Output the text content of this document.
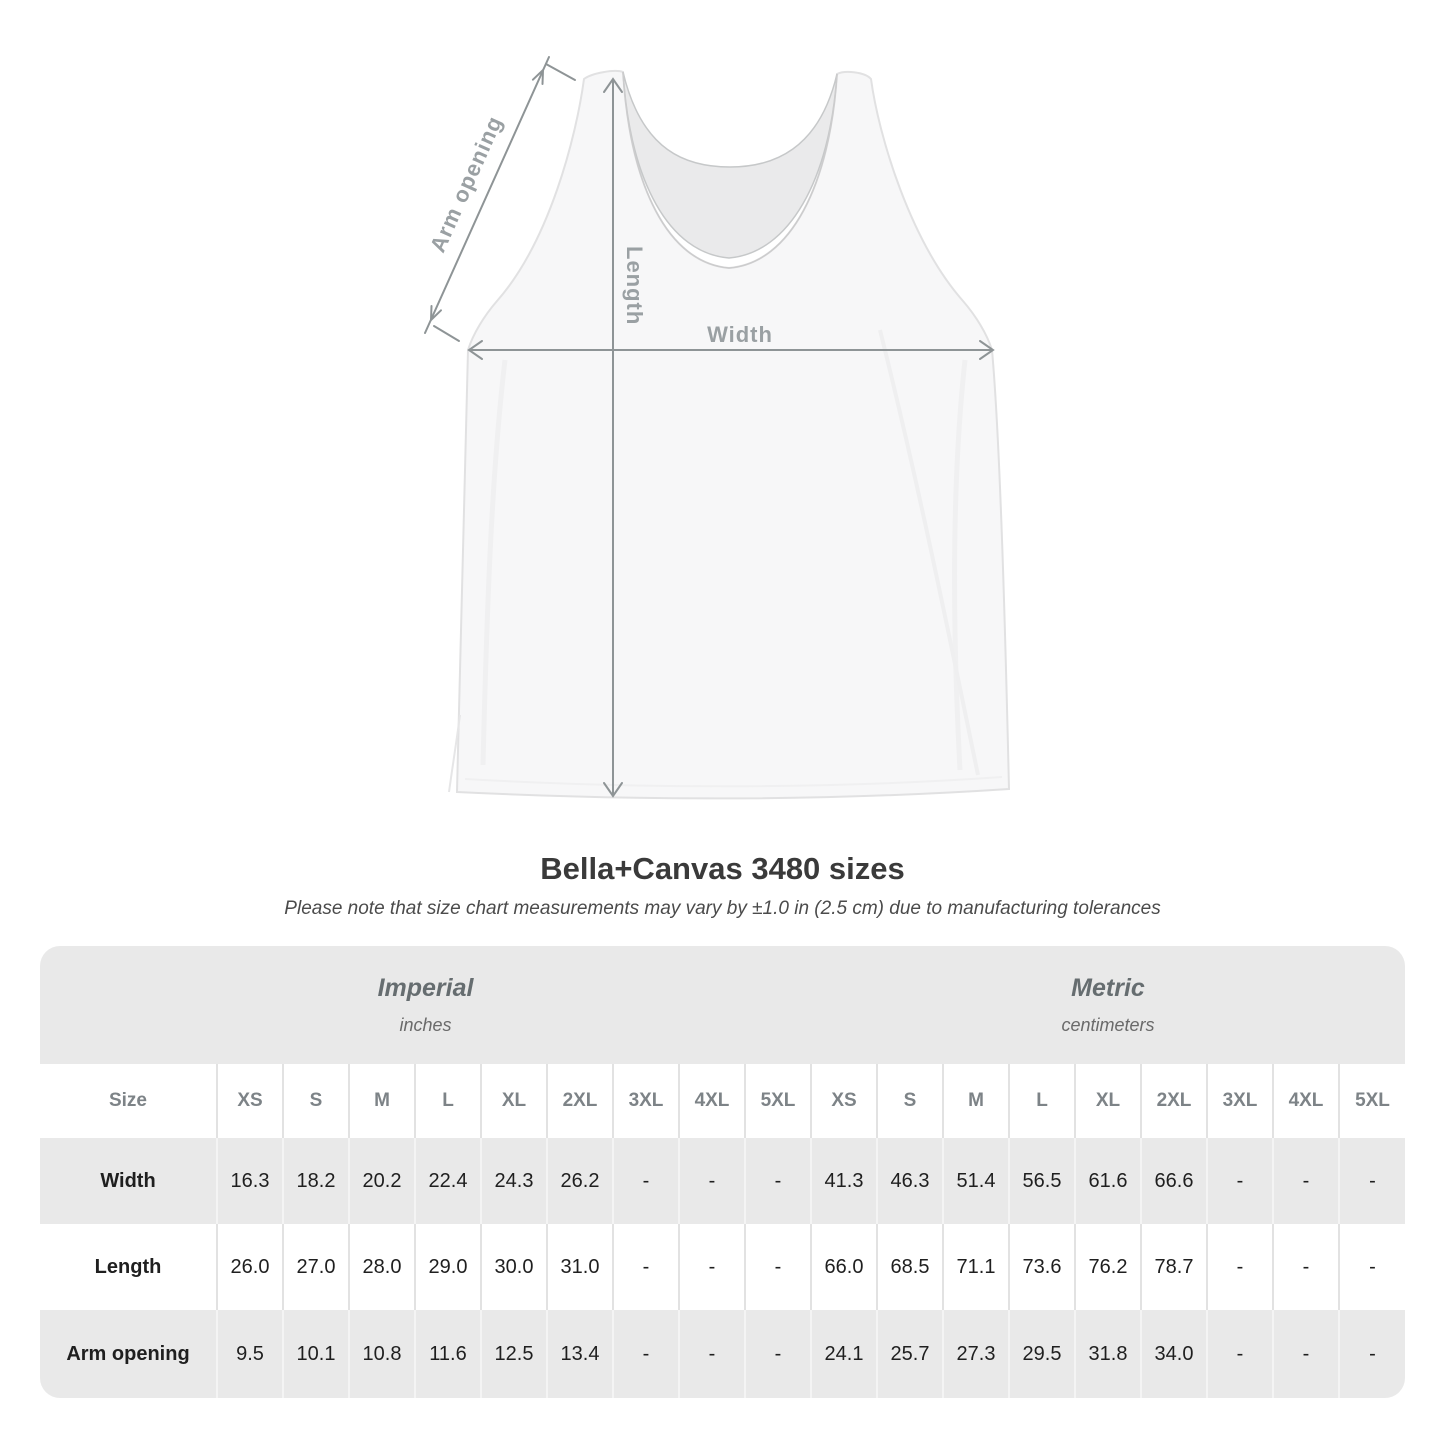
Arm opening
Length
Width
Bella+Canvas 3480 sizes

Please note that size chart measurements may vary by ±1.0 in (2.5 cm) due to manufacturing tolerances

Imperial
inches

Metric
centimeters

Size	XS	S	M	L	XL	2XL	3XL	4XL	5XL	XS	S	M	L	XL	2XL	3XL	4XL	5XL
Width	16.3	18.2	20.2	22.4	24.3	26.2	-	-	-	41.3	46.3	51.4	56.5	61.6	66.6	-	-	-
Length	26.0	27.0	28.0	29.0	30.0	31.0	-	-	-	66.0	68.5	71.1	73.6	76.2	78.7	-	-	-
Arm opening	9.5	10.1	10.8	11.6	12.5	13.4	-	-	-	24.1	25.7	27.3	29.5	31.8	34.0	-	-	-
